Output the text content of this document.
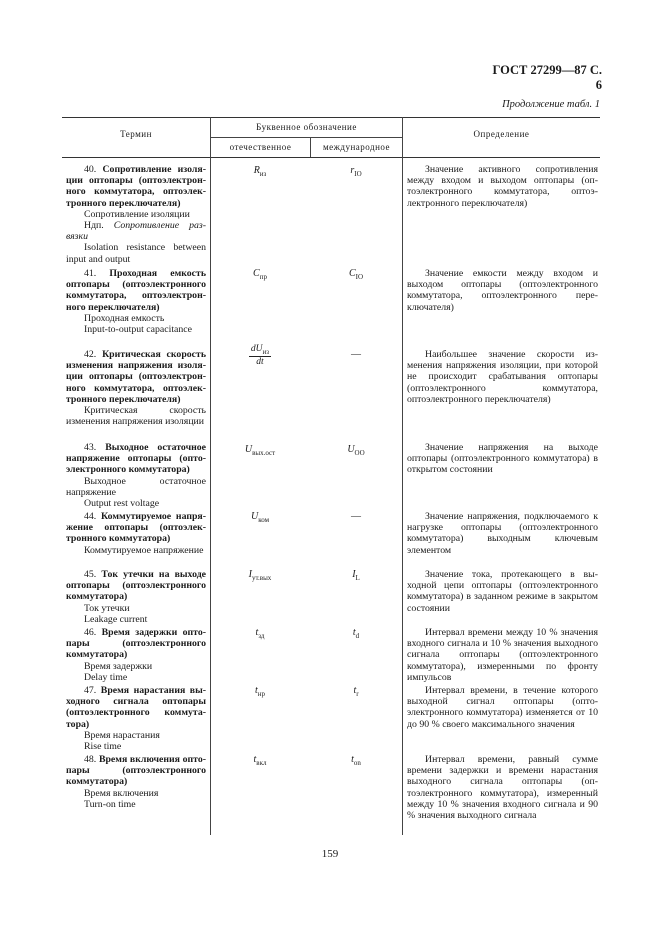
ГОСТ 27299—87 С. 6
Продолжение табл. 1
Термин
Буквенное обозначение
отечественное	международное
Определение
40. Сопротивление изоляции оптопары (оптоэлектронного коммутатора, оптоэлектронного переключателя)
Сопротивление изоляции
Ндп. Сопротивление развязки
Isolation resistance between input and output
$R_{из}$	$r_{IO}$	Значение активного сопротивления между входом и выходом оптопары (оптоэлектронного коммутатора, оптоэлектронного переключателя)
41. Проходная емкость оптопары (оптоэлектронного коммутатора, оптоэлектронного переключателя)
Проходная емкость
Input-to-output capacitance
$C_{пр}$	$C_{IO}$	Значение емкости между входом и выходом оптопары (оптоэлектронного коммутатора, оптоэлектронного переключателя)
42. Критическая скорость изменения напряжения изоляции оптопары (оптоэлектронного коммутатора, оптоэлектронного переключателя)
Критическая скорость изменения напряжения изоляции
$\frac{dU_{из}}{dt}$	—	Наибольшее значение скорости изменения напряжения изоляции, при которой не происходит срабатывания оптопары (оптоэлектронного коммутатора, оптоэлектронного переключателя)
43. Выходное остаточное напряжение оптопары (оптоэлектронного коммутатора)
Выходное остаточное напряжение
Output rest voltage
$U_{вых.ост}$	$U_{OO}$	Значение напряжения на выходе оптопары (оптоэлектронного коммутатора) в открытом состоянии
44. Коммутируемое напряжение оптопары (оптоэлектронного коммутатора)
Коммутируемое напряжение
$U_{ком}$	—	Значение напряжения, подключаемого к нагрузке оптопары (оптоэлектронного коммутатора) выходным ключевым элементом
45. Ток утечки на выходе оптопары (оптоэлектронного коммутатора)
Ток утечки
Leakage current
$I_{ут.вых}$	$I_L$	Значение тока, протекающего в выходной цепи оптопары (оптоэлектронного коммутатора) в заданном режиме в закрытом состоянии
46. Время задержки оптопары (оптоэлектронного коммутатора)
Время задержки
Delay time
$t_{зд}$	$t_d$	Интервал времени между 10 % значения входного сигнала и 10 % значения выходного сигнала оптопары (оптоэлектронного коммутатора), измеренными по фронту импульсов
47. Время нарастания выходного сигнала оптопары (оптоэлектронного коммутатора)
Время нарастания
Rise time
$t_{нр}$	$t_r$	Интервал времени, в течение которого выходной сигнал оптопары (оптоэлектронного коммутатора) изменяется от 10 до 90 % своего максимального значения
48. Время включения оптопары (оптоэлектронного коммутатора)
Время включения
Turn-on time
$t_{вкл}$	$t_{on}$	Интервал времени, равный сумме времени задержки и времени нарастания выходного сигнала оптопары (оптоэлектронного коммутатора), измеренный между 10 % значения входного сигнала и 90 % значения выходного сигнала
159
